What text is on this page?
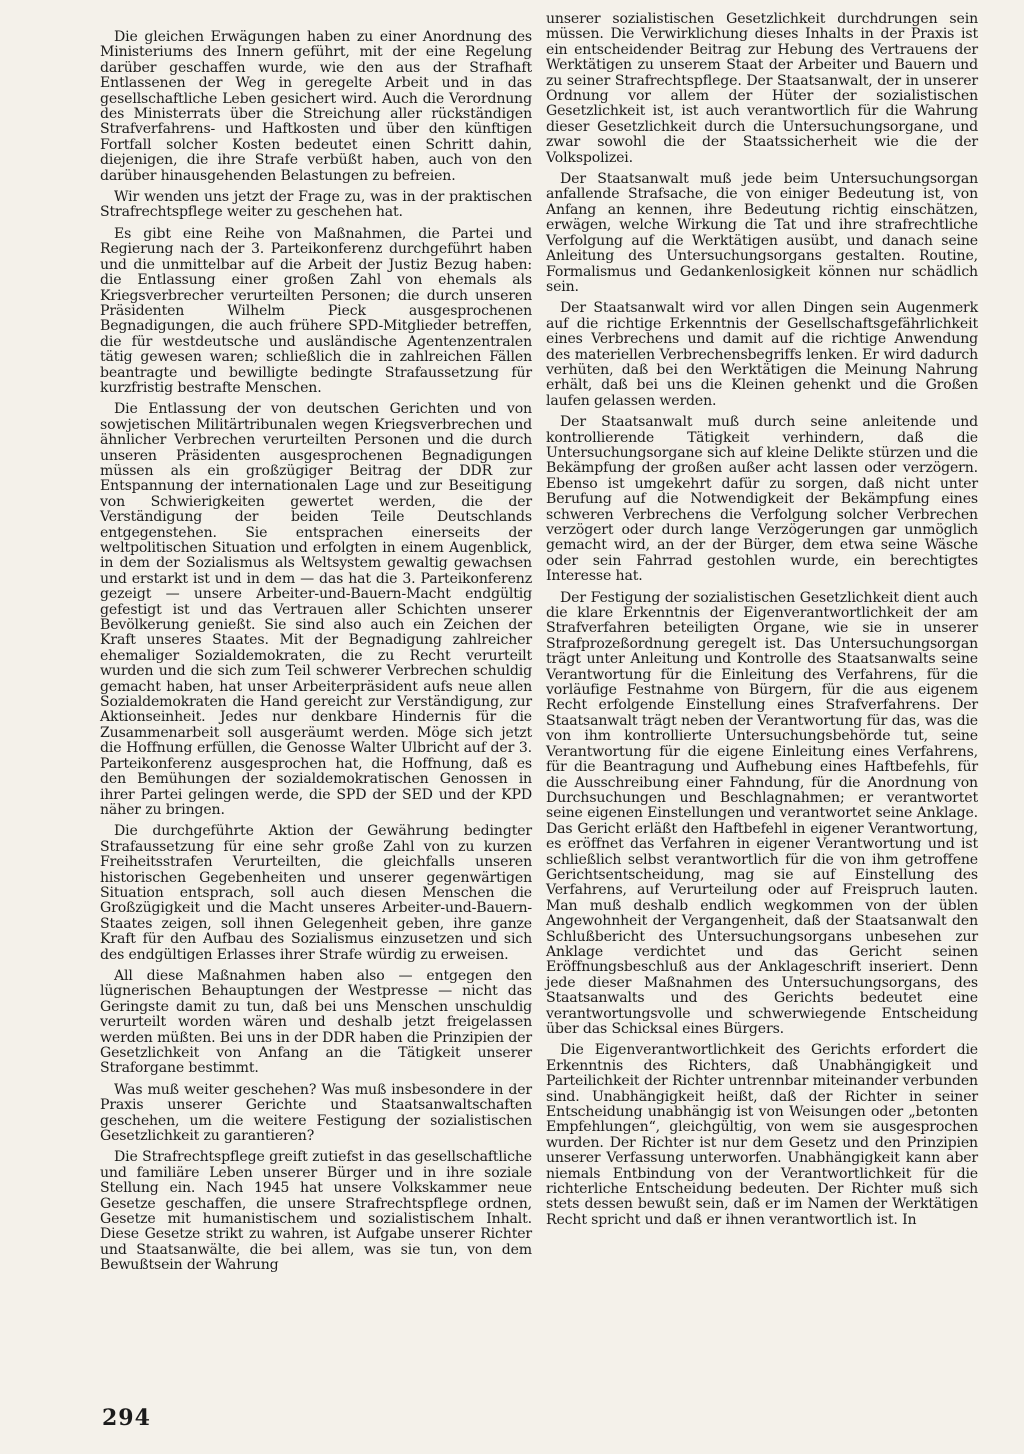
Die gleichen Erwägungen haben zu einer Anordnung des Ministeriums des Innern geführt, mit der eine Regelung darüber geschaffen wurde, wie den aus der Strafhaft Entlassenen der Weg in geregelte Arbeit und in das gesellschaftliche Leben gesichert wird. Auch die Verordnung des Ministerrats über die Streichung aller rückständigen Strafverfahrens- und Haftkosten und über den künftigen Fortfall solcher Kosten bedeutet einen Schritt dahin, diejenigen, die ihre Strafe verbüßt haben, auch von den darüber hinausgehenden Belastungen zu befreien.

Wir wenden uns jetzt der Frage zu, was in der praktischen Strafrechtspflege weiter zu geschehen hat.

Es gibt eine Reihe von Maßnahmen, die Partei und Regierung nach der 3. Parteikonferenz durchgeführt haben und die unmittelbar auf die Arbeit der Justiz Bezug haben: die Entlassung einer großen Zahl von ehemals als Kriegsverbrecher verurteilten Personen; die durch unseren Präsidenten Wilhelm Pieck ausgesprochenen Begnadigungen, die auch frühere SPD-Mitglieder betreffen, die für westdeutsche und ausländische Agentenzentralen tätig gewesen waren; schließlich die in zahlreichen Fällen beantragte und bewilligte bedingte Strafaussetzung für kurzfristig bestrafte Menschen.

Die Entlassung der von deutschen Gerichten und von sowjetischen Militärtribunalen wegen Kriegsverbrechen und ähnlicher Verbrechen verurteilten Personen und die durch unseren Präsidenten ausgesprochenen Begnadigungen müssen als ein großzügiger Beitrag der DDR zur Entspannung der internationalen Lage und zur Beseitigung von Schwierigkeiten gewertet werden, die der Verständigung der beiden Teile Deutschlands entgegenstehen. Sie entsprachen einerseits der weltpolitischen Situation und erfolgten in einem Augenblick, in dem der Sozialismus als Weltsystem gewaltig gewachsen und erstarkt ist und in dem — das hat die 3. Parteikonferenz gezeigt — unsere Arbeiter-und-Bauern-Macht endgültig gefestigt ist und das Vertrauen aller Schichten unserer Bevölkerung genießt. Sie sind also auch ein Zeichen der Kraft unseres Staates. Mit der Begnadigung zahlreicher ehemaliger Sozialdemokraten, die zu Recht verurteilt wurden und die sich zum Teil schwerer Verbrechen schuldig gemacht haben, hat unser Arbeiterpräsident aufs neue allen Sozialdemokraten die Hand gereicht zur Verständigung, zur Aktionseinheit. Jedes nur denkbare Hindernis für die Zusammenarbeit soll ausgeräumt werden. Möge sich jetzt die Hoffnung erfüllen, die Genosse Walter Ulbricht auf der 3. Parteikonferenz ausgesprochen hat, die Hoffnung, daß es den Bemühungen der sozialdemokratischen Genossen in ihrer Partei gelingen werde, die SPD der SED und der KPD näher zu bringen.

Die durchgeführte Aktion der Gewährung bedingter Strafaussetzung für eine sehr große Zahl von zu kurzen Freiheitsstrafen Verurteilten, die gleichfalls unseren historischen Gegebenheiten und unserer gegenwärtigen Situation entsprach, soll auch diesen Menschen die Großzügigkeit und die Macht unseres Arbeiter-und-Bauern-Staates zeigen, soll ihnen Gelegenheit geben, ihre ganze Kraft für den Aufbau des Sozialismus einzusetzen und sich des endgültigen Erlasses ihrer Strafe würdig zu erweisen.

All diese Maßnahmen haben also — entgegen den lügnerischen Behauptungen der Westpresse — nicht das Geringste damit zu tun, daß bei uns Menschen unschuldig verurteilt worden wären und deshalb jetzt freigelassen werden müßten. Bei uns in der DDR haben die Prinzipien der Gesetzlichkeit von Anfang an die Tätigkeit unserer Straforgane bestimmt.

Was muß weiter geschehen? Was muß insbesondere in der Praxis unserer Gerichte und Staatsanwaltschaften geschehen, um die weitere Festigung der sozialistischen Gesetzlichkeit zu garantieren?

Die Strafrechtspflege greift zutiefst in das gesellschaftliche und familiäre Leben unserer Bürger und in ihre soziale Stellung ein. Nach 1945 hat unsere Volkskammer neue Gesetze geschaffen, die unsere Strafrechtspflege ordnen, Gesetze mit humanistischem und sozialistischem Inhalt. Diese Gesetze strikt zu wahren, ist Aufgabe unserer Richter und Staatsanwälte, die bei allem, was sie tun, von dem Bewußtsein der Wahrung

unserer sozialistischen Gesetzlichkeit durchdrungen sein müssen. Die Verwirklichung dieses Inhalts in der Praxis ist ein entscheidender Beitrag zur Hebung des Vertrauens der Werktätigen zu unserem Staat der Arbeiter und Bauern und zu seiner Strafrechtspflege. Der Staatsanwalt, der in unserer Ordnung vor allem der Hüter der sozialistischen Gesetzlichkeit ist, ist auch verantwortlich für die Wahrung dieser Gesetzlichkeit durch die Untersuchungsorgane, und zwar sowohl die der Staatssicherheit wie die der Volkspolizei.

Der Staatsanwalt muß jede beim Untersuchungsorgan anfallende Strafsache, die von einiger Bedeutung ist, von Anfang an kennen, ihre Bedeutung richtig einschätzen, erwägen, welche Wirkung die Tat und ihre strafrechtliche Verfolgung auf die Werktätigen ausübt, und danach seine Anleitung des Untersuchungsorgans gestalten. Routine, Formalismus und Gedankenlosigkeit können nur schädlich sein.

Der Staatsanwalt wird vor allen Dingen sein Augenmerk auf die richtige Erkenntnis der Gesellschaftsgefährlichkeit eines Verbrechens und damit auf die richtige Anwendung des materiellen Verbrechensbegriffs lenken. Er wird dadurch verhüten, daß bei den Werktätigen die Meinung Nahrung erhält, daß bei uns die Kleinen gehenkt und die Großen laufen gelassen werden.

Der Staatsanwalt muß durch seine anleitende und kontrollierende Tätigkeit verhindern, daß die Untersuchungsorgane sich auf kleine Delikte stürzen und die Bekämpfung der großen außer acht lassen oder verzögern. Ebenso ist umgekehrt dafür zu sorgen, daß nicht unter Berufung auf die Notwendigkeit der Bekämpfung eines schweren Verbrechens die Verfolgung solcher Verbrechen verzögert oder durch lange Verzögerungen gar unmöglich gemacht wird, an der der Bürger, dem etwa seine Wäsche oder sein Fahrrad gestohlen wurde, ein berechtigtes Interesse hat.

Der Festigung der sozialistischen Gesetzlichkeit dient auch die klare Erkenntnis der Eigenverantwortlichkeit der am Strafverfahren beteiligten Organe, wie sie in unserer Strafprozeßordnung geregelt ist. Das Untersuchungsorgan trägt unter Anleitung und Kontrolle des Staatsanwalts seine Verantwortung für die Einleitung des Verfahrens, für die vorläufige Festnahme von Bürgern, für die aus eigenem Recht erfolgende Einstellung eines Strafverfahrens. Der Staatsanwalt trägt neben der Verantwortung für das, was die von ihm kontrollierte Untersuchungsbehörde tut, seine Verantwortung für die eigene Einleitung eines Verfahrens, für die Beantragung und Aufhebung eines Haftbefehls, für die Ausschreibung einer Fahndung, für die Anordnung von Durchsuchungen und Beschlagnahmen; er verantwortet seine eigenen Einstellungen und verantwortet seine Anklage. Das Gericht erläßt den Haftbefehl in eigener Verantwortung, es eröffnet das Verfahren in eigener Verantwortung und ist schließlich selbst verantwortlich für die von ihm getroffene Gerichtsentscheidung, mag sie auf Einstellung des Verfahrens, auf Verurteilung oder auf Freispruch lauten. Man muß deshalb endlich wegkommen von der üblen Angewohnheit der Vergangenheit, daß der Staatsanwalt den Schlußbericht des Untersuchungsorgans unbesehen zur Anklage verdichtet und das Gericht seinen Eröffnungsbeschluß aus der Anklageschrift inseriert. Denn jede dieser Maßnahmen des Untersuchungsorgans, des Staatsanwalts und des Gerichts bedeutet eine verantwortungsvolle und schwerwiegende Entscheidung über das Schicksal eines Bürgers.

Die Eigenverantwortlichkeit des Gerichts erfordert die Erkenntnis des Richters, daß Unabhängigkeit und Parteilichkeit der Richter untrennbar miteinander verbunden sind. Unabhängigkeit heißt, daß der Richter in seiner Entscheidung unabhängig ist von Weisungen oder „betonten Empfehlungen“, gleichgültig, von wem sie ausgesprochen wurden. Der Richter ist nur dem Gesetz und den Prinzipien unserer Verfassung unterworfen. Unabhängigkeit kann aber niemals Entbindung von der Verantwortlichkeit für die richterliche Entscheidung bedeuten. Der Richter muß sich stets dessen bewußt sein, daß er im Namen der Werktätigen Recht spricht und daß er ihnen verantwortlich ist. In

294
